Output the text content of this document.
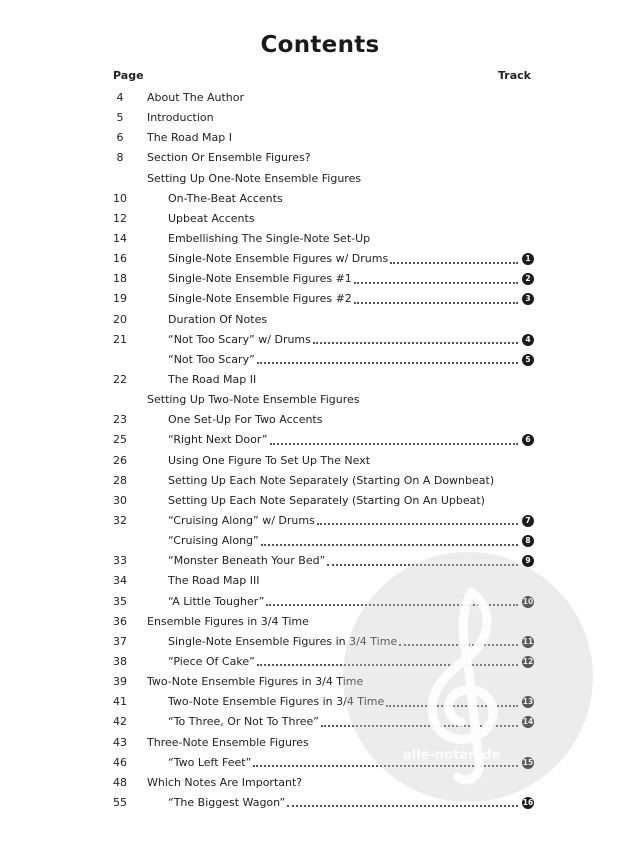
Contents
Page	Track
4	About The Author
5	Introduction
6	The Road Map I
8	Section Or Ensemble Figures?
Setting Up One-Note Ensemble Figures
10	On-The-Beat Accents
12	Upbeat Accents
14	Embellishing The Single-Note Set-Up
16	Single-Note Ensemble Figures w/ Drums	1
18	Single-Note Ensemble Figures #1	2
19	Single-Note Ensemble Figures #2	3
20	Duration Of Notes
21	“Not Too Scary” w/ Drums	4
“Not Too Scary”	5
22	The Road Map II
Setting Up Two-Note Ensemble Figures
23	One Set-Up For Two Accents
25	“Right Next Door”	6
26	Using One Figure To Set Up The Next
28	Setting Up Each Note Separately (Starting On A Downbeat)
30	Setting Up Each Note Separately (Starting On An Upbeat)
32	“Cruising Along” w/ Drums	7
“Cruising Along”	8
33	“Monster Beneath Your Bed”	9
34	The Road Map III
35	“A Little Tougher”	10
36	Ensemble Figures in 3/4 Time
37	Single-Note Ensemble Figures in 3/4 Time	11
38	“Piece Of Cake”	12
39	Two-Note Ensemble Figures in 3/4 Time
41	Two-Note Ensemble Figures in 3/4 Time	13
42	“To Three, Or Not To Three”	14
43	Three-Note Ensemble Figures
46	“Two Left Feet”	15
48	Which Notes Are Important?
55	“The Biggest Wagon”	16
alle-noten.de
